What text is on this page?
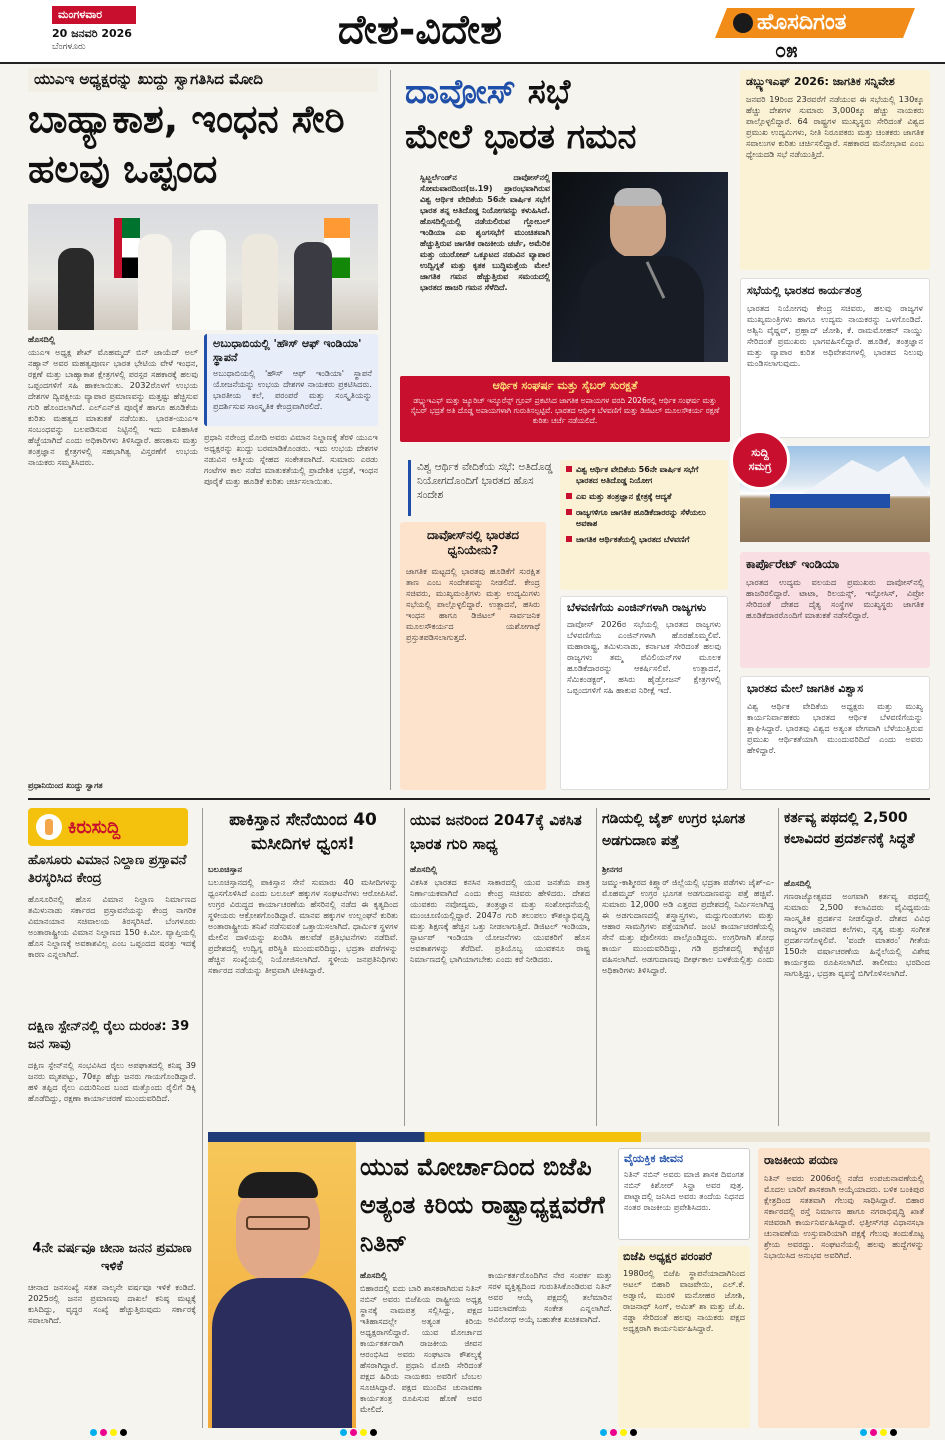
ಮಂಗಳವಾರ
20 ಜನವರಿ 2026
ಬೆಂಗಳೂರು	ದೇಶ-ವಿದೇಶ	ಹೊಸದಿಗಂತ
೦೫
ಯುಎಇ ಅಧ್ಯಕ್ಷರನ್ನು ಖುದ್ದು ಸ್ವಾಗತಿಸಿದ ಮೋದಿ
ಬಾಹ್ಯಾಕಾಶ, ಇಂಧನ ಸೇರಿ ಹಲವು ಒಪ್ಪಂದ

ಹೊಸದಿಲ್ಲಿ

ಯುಎಇ ಅಧ್ಯಕ್ಷ ಶೇಖ್ ಮೊಹಮ್ಮದ್ ಬಿನ್ ಜಾಯೆದ್ ಅಲ್ ನಹ್ಯಾನ್ ಅವರ ಮಹತ್ವಪೂರ್ಣ ಭಾರತ ಭೇಟಿಯ ವೇಳೆ ಇಂಧನ, ರಕ್ಷಣೆ ಮತ್ತು ಬಾಹ್ಯಾಕಾಶ ಕ್ಷೇತ್ರಗಳಲ್ಲಿ ಪರಸ್ಪರ ಸಹಕಾರಕ್ಕೆ ಹಲವು ಒಪ್ಪಂದಗಳಿಗೆ ಸಹಿ ಹಾಕಲಾಯಿತು. 2032ರೊಳಗೆ ಉಭಯ ದೇಶಗಳ ದ್ವಿಪಕ್ಷೀಯ ವ್ಯಾಪಾರ ಪ್ರಮಾಣವನ್ನು ಮತ್ತಷ್ಟು ಹೆಚ್ಚಿಸುವ ಗುರಿ ಹೊಂದಲಾಗಿದೆ. ಎಲ್‌ಎನ್‌ಜಿ ಪೂರೈಕೆ ಹಾಗೂ ಹೂಡಿಕೆಯ ಕುರಿತು ಮಹತ್ವದ ಮಾತುಕತೆ ನಡೆಯಿತು. ಭಾರತ-ಯುಎಇ ಸಂಬಂಧವನ್ನು ಬಲಪಡಿಸುವ ನಿಟ್ಟಿನಲ್ಲಿ ಇದು ಐತಿಹಾಸಿಕ ಹೆಜ್ಜೆಯಾಗಿದೆ ಎಂದು ಅಧಿಕಾರಿಗಳು ತಿಳಿಸಿದ್ದಾರೆ. ಹಣಕಾಸು ಮತ್ತು ತಂತ್ರಜ್ಞಾನ ಕ್ಷೇತ್ರಗಳಲ್ಲಿ ಸಹಭಾಗಿತ್ವ ವಿಸ್ತರಣೆಗೆ ಉಭಯ ನಾಯಕರು ಸಮ್ಮತಿಸಿದರು.

ಅಬುಧಾಬಿಯಲ್ಲಿ 'ಹೌಸ್ ಆಫ್ ಇಂಡಿಯಾ' ಸ್ಥಾಪನೆ
ಅಬುಧಾಬಿಯಲ್ಲಿ 'ಹೌಸ್ ಆಫ್ ಇಂಡಿಯಾ' ಸ್ಥಾಪನೆ ಯೋಜನೆಯನ್ನು ಉಭಯ ದೇಶಗಳ ನಾಯಕರು ಪ್ರಕಟಿಸಿದರು. ಭಾರತೀಯ ಕಲೆ, ಪರಂಪರೆ ಮತ್ತು ಸಂಸ್ಕೃತಿಯನ್ನು ಪ್ರದರ್ಶಿಸುವ ಸಾಂಸ್ಕೃತಿಕ ಕೇಂದ್ರವಾಗಿರಲಿದೆ.

ಪ್ರಧಾನಿ ನರೇಂದ್ರ ಮೋದಿ ಅವರು ವಿಮಾನ ನಿಲ್ದಾಣಕ್ಕೆ ತೆರಳಿ ಯುಎಇ ಅಧ್ಯಕ್ಷರನ್ನು ಖುದ್ದು ಬರಮಾಡಿಕೊಂಡರು. ಇದು ಉಭಯ ದೇಶಗಳ ನಡುವಿನ ಆತ್ಮೀಯ ಸ್ನೇಹದ ಸಂಕೇತವಾಗಿದೆ. ಸುಮಾರು ಎರಡು ಗಂಟೆಗಳ ಕಾಲ ನಡೆದ ಮಾತುಕತೆಯಲ್ಲಿ ಪ್ರಾದೇಶಿಕ ಭದ್ರತೆ, ಇಂಧನ ಪೂರೈಕೆ ಮತ್ತು ಹೂಡಿಕೆ ಕುರಿತು ಚರ್ಚಿಸಲಾಯಿತು.

ಪ್ರಧಾನಿಯಿಂದ ಖುದ್ದು ಸ್ವಾಗತ
ದಾವೋಸ್ ಸಭೆ
ಮೇಲೆ ಭಾರತ ಗಮನ
ಸ್ವಿಟ್ಜರ್ಲೆಂಡ್‌ನ ದಾವೋಸ್‌ನಲ್ಲಿ ಸೋಮವಾರದಿಂದ(ಜ.19) ಪ್ರಾರಂಭವಾಗಿರುವ ವಿಶ್ವ ಆರ್ಥಿಕ ವೇದಿಕೆಯ 56ನೇ ವಾರ್ಷಿಕ ಸಭೆಗೆ ಭಾರತ ತನ್ನ ಅತಿದೊಡ್ಡ ನಿಯೋಗವನ್ನು ಕಳುಹಿಸಿದೆ. ಹೊಸದಿಲ್ಲಿಯಲ್ಲಿ ನಡೆಯಲಿರುವ ಗ್ಲೋಬಲ್ ಇಂಡಿಯಾ ಎಐ ಶೃಂಗಸಭೆಗೆ ಮುಂಚಿತವಾಗಿ ಹೆಚ್ಚುತ್ತಿರುವ ಜಾಗತಿಕ ರಾಜಕೀಯ ಚರ್ಚೆ, ಅಮೆರಿಕ ಮತ್ತು ಯುರೋಪ್ ಒಕ್ಕೂಟದ ನಡುವಿನ ವ್ಯಾಪಾರ ಉದ್ವಿಗ್ನತೆ ಮತ್ತು ಕೃತಕ ಬುದ್ಧಿಮತ್ತೆಯ ಮೇಲೆ ಜಾಗತಿಕ ಗಮನ ಹೆಚ್ಚುತ್ತಿರುವ ಸಮಯದಲ್ಲಿ ಭಾರತದ ಹಾಜರಿ ಗಮನ ಸೆಳೆದಿದೆ.
ಆರ್ಥಿಕ ಸಂಘರ್ಷ ಮತ್ತು ಸೈಬರ್ ಸುರಕ್ಷತೆ
ಡಬ್ಲ್ಯುಇಎಫ್ ಮತ್ತು ಜ್ಯೂರಿಚ್ ಇನ್ಶೂರೆನ್ಸ್ ಗ್ರೂಪ್ ಪ್ರಕಟಿಸಿದ ಜಾಗತಿಕ ಅಪಾಯಗಳ ವರದಿ 2026ರಲ್ಲಿ ಆರ್ಥಿಕ ಸಂಘರ್ಷ ಮತ್ತು ಸೈಬರ್ ಭದ್ರತೆ ಅತಿ ದೊಡ್ಡ ಅಪಾಯಗಳಾಗಿ ಗುರುತಿಸಲ್ಪಟ್ಟಿವೆ. ಭಾರತದ ಆರ್ಥಿಕ ಬೆಳವಣಿಗೆ ಮತ್ತು ಡಿಜಿಟಲ್ ಮೂಲಸೌಕರ್ಯ ರಕ್ಷಣೆ ಕುರಿತು ಚರ್ಚೆ ನಡೆಯಲಿದೆ.
ವಿಶ್ವ ಆರ್ಥಿಕ ವೇದಿಕೆಯ ಸಭೆ: ಅತಿದೊಡ್ಡ ನಿಯೋಗದೊಂದಿಗೆ ಭಾರತದ ಹೊಸ ಸಂದೇಶ
ದಾವೋಸ್‌ನಲ್ಲಿ ಭಾರತದ ಧ್ವನಿಯೇನು?
ಜಾಗತಿಕ ಮಟ್ಟದಲ್ಲಿ ಭಾರತವು ಹೂಡಿಕೆಗೆ ಸುರಕ್ಷಿತ ತಾಣ ಎಂಬ ಸಂದೇಶವನ್ನು ನೀಡಲಿದೆ. ಕೇಂದ್ರ ಸಚಿವರು, ಮುಖ್ಯಮಂತ್ರಿಗಳು ಮತ್ತು ಉದ್ಯಮಿಗಳು ಸಭೆಯಲ್ಲಿ ಪಾಲ್ಗೊಳ್ಳಲಿದ್ದಾರೆ. ಉತ್ಪಾದನೆ, ಹಸಿರು ಇಂಧನ ಹಾಗೂ ಡಿಜಿಟಲ್ ಸಾರ್ವಜನಿಕ ಮೂಲಸೌಕರ್ಯದ ಯಶೋಗಾಥೆ ಪ್ರಸ್ತುತಪಡಿಸಲಾಗುತ್ತದೆ.
ವಿಶ್ವ ಆರ್ಥಿಕ ವೇದಿಕೆಯ 56ನೇ ವಾರ್ಷಿಕ ಸಭೆಗೆ ಭಾರತದ ಅತಿದೊಡ್ಡ ನಿಯೋಗ
ಎಐ ಮತ್ತು ತಂತ್ರಜ್ಞಾನ ಕ್ಷೇತ್ರಕ್ಕೆ ಆದ್ಯತೆ
ರಾಜ್ಯಗಳಿಗೂ ಜಾಗತಿಕ ಹೂಡಿಕೆದಾರರನ್ನು ಸೆಳೆಯಲು ಅವಕಾಶ
ಜಾಗತಿಕ ಆರ್ಥಿಕತೆಯಲ್ಲಿ ಭಾರತದ ಬೆಳವಣಿಗೆ
ಬೆಳವಣಿಗೆಯ ಎಂಜಿನ್‌ಗಳಾಗಿ ರಾಜ್ಯಗಳು
ದಾವೋಸ್ 2026ರ ಸಭೆಯಲ್ಲಿ ಭಾರತದ ರಾಜ್ಯಗಳು ಬೆಳವಣಿಗೆಯ ಎಂಜಿನ್‌ಗಳಾಗಿ ಹೊರಹೊಮ್ಮಲಿವೆ. ಮಹಾರಾಷ್ಟ್ರ, ತಮಿಳುನಾಡು, ಕರ್ನಾಟಕ ಸೇರಿದಂತೆ ಹಲವು ರಾಜ್ಯಗಳು ತಮ್ಮ ಪೆವಿಲಿಯನ್‌ಗಳ ಮೂಲಕ ಹೂಡಿಕೆದಾರರನ್ನು ಆಕರ್ಷಿಸಲಿವೆ. ಉತ್ಪಾದನೆ, ಸೆಮಿಕಂಡಕ್ಟರ್, ಹಸಿರು ಹೈಡ್ರೋಜನ್ ಕ್ಷೇತ್ರಗಳಲ್ಲಿ ಒಪ್ಪಂದಗಳಿಗೆ ಸಹಿ ಹಾಕುವ ನಿರೀಕ್ಷೆ ಇದೆ.
ಡಬ್ಲ್ಯುಇಎಫ್ 2026: ಜಾಗತಿಕ ಸನ್ನಿವೇಶ
ಜನವರಿ 19ರಿಂದ 23ರವರೆಗೆ ನಡೆಯುವ ಈ ಸಭೆಯಲ್ಲಿ 130ಕ್ಕೂ ಹೆಚ್ಚು ದೇಶಗಳ ಸುಮಾರು 3,000ಕ್ಕೂ ಹೆಚ್ಚು ನಾಯಕರು ಪಾಲ್ಗೊಳ್ಳಲಿದ್ದಾರೆ. 64 ರಾಷ್ಟ್ರಗಳ ಮುಖ್ಯಸ್ಥರು ಸೇರಿದಂತೆ ವಿಶ್ವದ ಪ್ರಮುಖ ಉದ್ಯಮಿಗಳು, ನೀತಿ ನಿರೂಪಕರು ಮತ್ತು ಚಿಂತಕರು ಜಾಗತಿಕ ಸವಾಲುಗಳ ಕುರಿತು ಚರ್ಚಿಸಲಿದ್ದಾರೆ. ಸಹಕಾರದ ಮನೋಭಾವ ಎಂಬ ಧ್ಯೇಯದಡಿ ಸಭೆ ನಡೆಯುತ್ತಿದೆ.
ಸಭೆಯಲ್ಲಿ ಭಾರತದ ಕಾರ್ಯತಂತ್ರ
ಭಾರತದ ನಿಯೋಗವು ಕೇಂದ್ರ ಸಚಿವರು, ಹಲವು ರಾಜ್ಯಗಳ ಮುಖ್ಯಮಂತ್ರಿಗಳು ಹಾಗೂ ಉದ್ಯಮ ನಾಯಕರನ್ನು ಒಳಗೊಂಡಿದೆ. ಅಶ್ವಿನಿ ವೈಷ್ಣವ್, ಪ್ರಹ್ಲಾದ್ ಜೋಶಿ, ಕೆ. ರಾಮಮೋಹನ್ ನಾಯ್ಡು ಸೇರಿದಂತೆ ಪ್ರಮುಖರು ಭಾಗವಹಿಸಲಿದ್ದಾರೆ. ಹೂಡಿಕೆ, ತಂತ್ರಜ್ಞಾನ ಮತ್ತು ವ್ಯಾಪಾರ ಕುರಿತ ಅಧಿವೇಶನಗಳಲ್ಲಿ ಭಾರತದ ನಿಲುವು ಮಂಡಿಸಲಾಗುವುದು.
ಸುದ್ದಿ ಸಮಗ್ರ
ಕಾರ್ಪೊರೇಟ್ ಇಂಡಿಯಾ
ಭಾರತದ ಉದ್ಯಮ ವಲಯದ ಪ್ರಮುಖರು ದಾವೋಸ್‌ನಲ್ಲಿ ಹಾಜರಿರಲಿದ್ದಾರೆ. ಟಾಟಾ, ರಿಲಯನ್ಸ್, ಇನ್ಫೋಸಿಸ್, ವಿಪ್ರೋ ಸೇರಿದಂತೆ ದೇಶದ ದೈತ್ಯ ಸಂಸ್ಥೆಗಳ ಮುಖ್ಯಸ್ಥರು ಜಾಗತಿಕ ಹೂಡಿಕೆದಾರರೊಂದಿಗೆ ಮಾತುಕತೆ ನಡೆಸಲಿದ್ದಾರೆ.
ಭಾರತದ ಮೇಲೆ ಜಾಗತಿಕ ವಿಶ್ವಾಸ
ವಿಶ್ವ ಆರ್ಥಿಕ ವೇದಿಕೆಯ ಅಧ್ಯಕ್ಷರು ಮತ್ತು ಮುಖ್ಯ ಕಾರ್ಯನಿರ್ವಾಹಕರು ಭಾರತದ ಆರ್ಥಿಕ ಬೆಳವಣಿಗೆಯನ್ನು ಶ್ಲಾಘಿಸಿದ್ದಾರೆ. ಭಾರತವು ವಿಶ್ವದ ಅತ್ಯಂತ ವೇಗವಾಗಿ ಬೆಳೆಯುತ್ತಿರುವ ಪ್ರಮುಖ ಆರ್ಥಿಕತೆಯಾಗಿ ಮುಂದುವರಿದಿದೆ ಎಂದು ಅವರು ಹೇಳಿದ್ದಾರೆ.
ಕಿರುಸುದ್ದಿ
ಹೊಸೂರು ವಿಮಾನ ನಿಲ್ದಾಣ ಪ್ರಸ್ತಾವನೆ ತಿರಸ್ಕರಿಸಿದ ಕೇಂದ್ರ
ಹೊಸೂರಿನಲ್ಲಿ ಹೊಸ ವಿಮಾನ ನಿಲ್ದಾಣ ನಿರ್ಮಾಣದ ತಮಿಳುನಾಡು ಸರ್ಕಾರದ ಪ್ರಸ್ತಾವನೆಯನ್ನು ಕೇಂದ್ರ ನಾಗರಿಕ ವಿಮಾನಯಾನ ಸಚಿವಾಲಯ ತಿರಸ್ಕರಿಸಿದೆ. ಬೆಂಗಳೂರು ಅಂತಾರಾಷ್ಟ್ರೀಯ ವಿಮಾನ ನಿಲ್ದಾಣದ 150 ಕಿ.ಮೀ. ವ್ಯಾಪ್ತಿಯಲ್ಲಿ ಹೊಸ ನಿಲ್ದಾಣಕ್ಕೆ ಅವಕಾಶವಿಲ್ಲ ಎಂಬ ಒಪ್ಪಂದದ ಷರತ್ತು ಇದಕ್ಕೆ ಕಾರಣ ಎನ್ನಲಾಗಿದೆ.
ದಕ್ಷಿಣ ಸ್ಪೇನ್‌ನಲ್ಲಿ ರೈಲು ದುರಂತ: 39 ಜನ ಸಾವು
ದಕ್ಷಿಣ ಸ್ಪೇನ್‌ನಲ್ಲಿ ಸಂಭವಿಸಿದ ರೈಲು ಅಪಘಾತದಲ್ಲಿ ಕನಿಷ್ಠ 39 ಜನರು ಮೃತಪಟ್ಟು, 70ಕ್ಕೂ ಹೆಚ್ಚು ಜನರು ಗಾಯಗೊಂಡಿದ್ದಾರೆ. ಹಳಿ ತಪ್ಪಿದ ರೈಲು ಎದುರಿನಿಂದ ಬಂದ ಮತ್ತೊಂದು ರೈಲಿಗೆ ಡಿಕ್ಕಿ ಹೊಡೆದಿದ್ದು, ರಕ್ಷಣಾ ಕಾರ್ಯಾಚರಣೆ ಮುಂದುವರಿದಿದೆ.
4ನೇ ವರ್ಷವೂ ಚೀನಾ ಜನನ ಪ್ರಮಾಣ ಇಳಿಕೆ
ಚೀನಾದ ಜನಸಂಖ್ಯೆ ಸತತ ನಾಲ್ಕನೇ ವರ್ಷವೂ ಇಳಿಕೆ ಕಂಡಿದೆ. 2025ರಲ್ಲಿ ಜನನ ಪ್ರಮಾಣವು ದಾಖಲೆ ಕನಿಷ್ಠ ಮಟ್ಟಕ್ಕೆ ಕುಸಿದಿದ್ದು, ವೃದ್ಧರ ಸಂಖ್ಯೆ ಹೆಚ್ಚುತ್ತಿರುವುದು ಸರ್ಕಾರಕ್ಕೆ ಸವಾಲಾಗಿದೆ.
ಪಾಕಿಸ್ತಾನ ಸೇನೆಯಿಂದ 40 ಮಸೀದಿಗಳ ಧ್ವಂಸ!

ಬಲೂಚಿಸ್ತಾನ

ಬಲೂಚಿಸ್ತಾನದಲ್ಲಿ ಪಾಕಿಸ್ತಾನ ಸೇನೆ ಸುಮಾರು 40 ಮಸೀದಿಗಳನ್ನು ಧ್ವಂಸಗೊಳಿಸಿದೆ ಎಂದು ಬಲೂಚ್ ಹಕ್ಕುಗಳ ಸಂಘಟನೆಗಳು ಆರೋಪಿಸಿವೆ. ಉಗ್ರರ ವಿರುದ್ಧದ ಕಾರ್ಯಾಚರಣೆಯ ಹೆಸರಿನಲ್ಲಿ ನಡೆದ ಈ ಕೃತ್ಯದಿಂದ ಸ್ಥಳೀಯರು ಆಕ್ರೋಶಗೊಂಡಿದ್ದಾರೆ. ಮಾನವ ಹಕ್ಕುಗಳ ಉಲ್ಲಂಘನೆ ಕುರಿತು ಅಂತಾರಾಷ್ಟ್ರೀಯ ತನಿಖೆ ನಡೆಸುವಂತೆ ಒತ್ತಾಯಿಸಲಾಗಿದೆ. ಧಾರ್ಮಿಕ ಸ್ಥಳಗಳ ಮೇಲಿನ ದಾಳಿಯನ್ನು ಖಂಡಿಸಿ ಹಲವೆಡೆ ಪ್ರತಿಭಟನೆಗಳು ನಡೆದಿವೆ. ಪ್ರದೇಶದಲ್ಲಿ ಉದ್ವಿಗ್ನ ಪರಿಸ್ಥಿತಿ ಮುಂದುವರಿದಿದ್ದು, ಭದ್ರತಾ ಪಡೆಗಳನ್ನು ಹೆಚ್ಚಿನ ಸಂಖ್ಯೆಯಲ್ಲಿ ನಿಯೋಜಿಸಲಾಗಿದೆ. ಸ್ಥಳೀಯ ಜನಪ್ರತಿನಿಧಿಗಳು ಸರ್ಕಾರದ ನಡೆಯನ್ನು ತೀವ್ರವಾಗಿ ಟೀಕಿಸಿದ್ದಾರೆ.

ಯುವ ಜನರಿಂದ 2047ಕ್ಕೆ ವಿಕಸಿತ ಭಾರತ ಗುರಿ ಸಾಧ್ಯ

ಹೊಸದಿಲ್ಲಿ

ವಿಕಸಿತ ಭಾರತದ ಕನಸಿನ ಸಾಕಾರದಲ್ಲಿ ಯುವ ಜನತೆಯ ಪಾತ್ರ ನಿರ್ಣಾಯಕವಾಗಿದೆ ಎಂದು ಕೇಂದ್ರ ಸಚಿವರು ಹೇಳಿದರು. ದೇಶದ ಯುವಕರು ನವೋದ್ಯಮ, ತಂತ್ರಜ್ಞಾನ ಮತ್ತು ಸಂಶೋಧನೆಯಲ್ಲಿ ಮುಂಚೂಣಿಯಲ್ಲಿದ್ದಾರೆ. 2047ರ ಗುರಿ ತಲುಪಲು ಕೌಶಲ್ಯಾಭಿವೃದ್ಧಿ ಮತ್ತು ಶಿಕ್ಷಣಕ್ಕೆ ಹೆಚ್ಚಿನ ಒತ್ತು ನೀಡಲಾಗುತ್ತಿದೆ. ಡಿಜಿಟಲ್ ಇಂಡಿಯಾ, ಸ್ಟಾರ್ಟಪ್ ಇಂಡಿಯಾ ಯೋಜನೆಗಳು ಯುವಕರಿಗೆ ಹೊಸ ಅವಕಾಶಗಳನ್ನು ತೆರೆದಿವೆ. ಪ್ರತಿಯೊಬ್ಬ ಯುವಕನೂ ರಾಷ್ಟ್ರ ನಿರ್ಮಾಣದಲ್ಲಿ ಭಾಗಿಯಾಗಬೇಕು ಎಂದು ಕರೆ ನೀಡಿದರು.

ಗಡಿಯಲ್ಲಿ ಜೈಶ್ ಉಗ್ರರ ಭೂಗತ ಅಡಗುದಾಣ ಪತ್ತೆ

ಶ್ರೀನಗರ

ಜಮ್ಮು-ಕಾಶ್ಮೀರದ ಕಿಶ್ತ್ವಾರ್ ಜಿಲ್ಲೆಯಲ್ಲಿ ಭದ್ರತಾ ಪಡೆಗಳು ಜೈಶ್-ಎ-ಮೊಹಮ್ಮದ್ ಉಗ್ರರ ಭೂಗತ ಅಡಗುದಾಣವನ್ನು ಪತ್ತೆ ಹಚ್ಚಿವೆ. ಸುಮಾರು 12,000 ಅಡಿ ಎತ್ತರದ ಪ್ರದೇಶದಲ್ಲಿ ನಿರ್ಮಿಸಲಾಗಿದ್ದ ಈ ಅಡಗುದಾಣದಲ್ಲಿ ಶಸ್ತ್ರಾಸ್ತ್ರಗಳು, ಮದ್ದುಗುಂಡುಗಳು ಮತ್ತು ಆಹಾರ ಸಾಮಗ್ರಿಗಳು ಪತ್ತೆಯಾಗಿವೆ. ಜಂಟಿ ಕಾರ್ಯಾಚರಣೆಯಲ್ಲಿ ಸೇನೆ ಮತ್ತು ಪೊಲೀಸರು ಪಾಲ್ಗೊಂಡಿದ್ದರು. ಉಗ್ರರಿಗಾಗಿ ಶೋಧ ಕಾರ್ಯ ಮುಂದುವರಿದಿದ್ದು, ಗಡಿ ಪ್ರದೇಶದಲ್ಲಿ ಕಟ್ಟೆಚ್ಚರ ವಹಿಸಲಾಗಿದೆ. ಅಡಗುದಾಣವು ದೀರ್ಘಕಾಲ ಬಳಕೆಯಲ್ಲಿತ್ತು ಎಂದು ಅಧಿಕಾರಿಗಳು ತಿಳಿಸಿದ್ದಾರೆ.

ಕರ್ತವ್ಯ ಪಥದಲ್ಲಿ 2,500 ಕಲಾವಿದರ ಪ್ರದರ್ಶನಕ್ಕೆ ಸಿದ್ಧತೆ

ಹೊಸದಿಲ್ಲಿ

ಗಣರಾಜ್ಯೋತ್ಸವದ ಅಂಗವಾಗಿ ಕರ್ತವ್ಯ ಪಥದಲ್ಲಿ ಸುಮಾರು 2,500 ಕಲಾವಿದರು ವೈವಿಧ್ಯಮಯ ಸಾಂಸ್ಕೃತಿಕ ಪ್ರದರ್ಶನ ನೀಡಲಿದ್ದಾರೆ. ದೇಶದ ವಿವಿಧ ರಾಜ್ಯಗಳ ಜಾನಪದ ಕಲೆಗಳು, ನೃತ್ಯ ಮತ್ತು ಸಂಗೀತ ಪ್ರದರ್ಶನಗೊಳ್ಳಲಿವೆ. 'ವಂದೇ ಮಾತರಂ' ಗೀತೆಯ 150ನೇ ವರ್ಷಾಚರಣೆಯ ಹಿನ್ನೆಲೆಯಲ್ಲಿ ವಿಶೇಷ ಕಾರ್ಯಕ್ರಮ ರೂಪಿಸಲಾಗಿದೆ. ತಾಲೀಮು ಭರದಿಂದ ಸಾಗುತ್ತಿದ್ದು, ಭದ್ರತಾ ವ್ಯವಸ್ಥೆ ಬಿಗಿಗೊಳಿಸಲಾಗಿದೆ.

ಯುವ ಮೋರ್ಚಾದಿಂದ ಬಿಜೆಪಿ ಅತ್ಯಂತ ಕಿರಿಯ ರಾಷ್ಟ್ರಾಧ್ಯಕ್ಷವರೆಗೆ ನಿತಿನ್

ಹೊಸದಿಲ್ಲಿ

ಬಿಹಾರದಲ್ಲಿ ಐದು ಬಾರಿ ಶಾಸಕರಾಗಿರುವ ನಿತಿನ್ ನಬಿನ್ ಅವರು ಬಿಜೆಪಿಯ ರಾಷ್ಟ್ರೀಯ ಅಧ್ಯಕ್ಷ ಸ್ಥಾನಕ್ಕೆ ನಾಮಪತ್ರ ಸಲ್ಲಿಸಿದ್ದು, ಪಕ್ಷದ ಇತಿಹಾಸದಲ್ಲೇ ಅತ್ಯಂತ ಕಿರಿಯ ಅಧ್ಯಕ್ಷರಾಗಲಿದ್ದಾರೆ. ಯುವ ಮೋರ್ಚಾದ ಕಾರ್ಯಕರ್ತರಾಗಿ ರಾಜಕೀಯ ಜೀವನ ಆರಂಭಿಸಿದ ಅವರು ಸಂಘಟನಾ ಕೌಶಲ್ಯಕ್ಕೆ ಹೆಸರಾಗಿದ್ದಾರೆ. ಪ್ರಧಾನಿ ಮೋದಿ ಸೇರಿದಂತೆ ಪಕ್ಷದ ಹಿರಿಯ ನಾಯಕರು ಅವರಿಗೆ ಬೆಂಬಲ ಸೂಚಿಸಿದ್ದಾರೆ. ಪಕ್ಷದ ಮುಂದಿನ ಚುನಾವಣಾ ಕಾರ್ಯತಂತ್ರ ರೂಪಿಸುವ ಹೊಣೆ ಅವರ ಮೇಲಿದೆ.

ಕಾರ್ಯಕರ್ತರೊಂದಿಗಿನ ನೇರ ಸಂಪರ್ಕ ಮತ್ತು ಸರಳ ವ್ಯಕ್ತಿತ್ವದಿಂದ ಗುರುತಿಸಿಕೊಂಡಿರುವ ನಿತಿನ್ ಅವರ ಆಯ್ಕೆ ಪಕ್ಷದಲ್ಲಿ ತಲೆಮಾರಿನ ಬದಲಾವಣೆಯ ಸಂಕೇತ ಎನ್ನಲಾಗಿದೆ. ಅವಿರೋಧ ಆಯ್ಕೆ ಬಹುತೇಕ ಖಚಿತವಾಗಿದೆ.
ವೈಯಕ್ತಿಕ ಜೀವನ
ನಿತಿನ್ ನಬಿನ್ ಅವರು ಮಾಜಿ ಶಾಸಕ ದಿವಂಗತ ನಬಿನ್ ಕಿಶೋರ್ ಸಿನ್ಹಾ ಅವರ ಪುತ್ರ. ಪಾಟ್ನಾದಲ್ಲಿ ಜನಿಸಿದ ಅವರು ತಂದೆಯ ನಿಧನದ ನಂತರ ರಾಜಕೀಯ ಪ್ರವೇಶಿಸಿದರು.
ಬಿಜೆಪಿ ಅಧ್ಯಕ್ಷರ ಪರಂಪರೆ
1980ರಲ್ಲಿ ಬಿಜೆಪಿ ಸ್ಥಾಪನೆಯಾದಾಗಿನಿಂದ ಅಟಲ್ ಬಿಹಾರಿ ವಾಜಪೇಯಿ, ಎಲ್.ಕೆ. ಅಡ್ವಾಣಿ, ಮುರಳಿ ಮನೋಹರ ಜೋಶಿ, ರಾಜನಾಥ್ ಸಿಂಗ್, ಅಮಿತ್ ಶಾ ಮತ್ತು ಜೆ.ಪಿ. ನಡ್ಡಾ ಸೇರಿದಂತೆ ಹಲವು ನಾಯಕರು ಪಕ್ಷದ ಅಧ್ಯಕ್ಷರಾಗಿ ಕಾರ್ಯನಿರ್ವಹಿಸಿದ್ದಾರೆ.
ರಾಜಕೀಯ ಪಯಣ
ನಿತಿನ್ ಅವರು 2006ರಲ್ಲಿ ನಡೆದ ಉಪಚುನಾವಣೆಯಲ್ಲಿ ಮೊದಲ ಬಾರಿಗೆ ಶಾಸಕರಾಗಿ ಆಯ್ಕೆಯಾದರು. ಬಳಿಕ ಬಂಕಿಪುರ ಕ್ಷೇತ್ರದಿಂದ ಸತತವಾಗಿ ಗೆಲುವು ಸಾಧಿಸಿದ್ದಾರೆ. ಬಿಹಾರ ಸರ್ಕಾರದಲ್ಲಿ ರಸ್ತೆ ನಿರ್ಮಾಣ ಹಾಗೂ ನಗರಾಭಿವೃದ್ಧಿ ಖಾತೆ ಸಚಿವರಾಗಿ ಕಾರ್ಯನಿರ್ವಹಿಸಿದ್ದಾರೆ. ಛತ್ತೀಸ್‌ಗಢ ವಿಧಾನಸಭಾ ಚುನಾವಣೆಯ ಉಸ್ತುವಾರಿಯಾಗಿ ಪಕ್ಷಕ್ಕೆ ಗೆಲುವು ತಂದುಕೊಟ್ಟ ಶ್ರೇಯ ಅವರದ್ದು. ಸಂಘಟನೆಯಲ್ಲಿ ಹಲವು ಹುದ್ದೆಗಳನ್ನು ನಿಭಾಯಿಸಿದ ಅನುಭವ ಅವರಿಗಿದೆ.
